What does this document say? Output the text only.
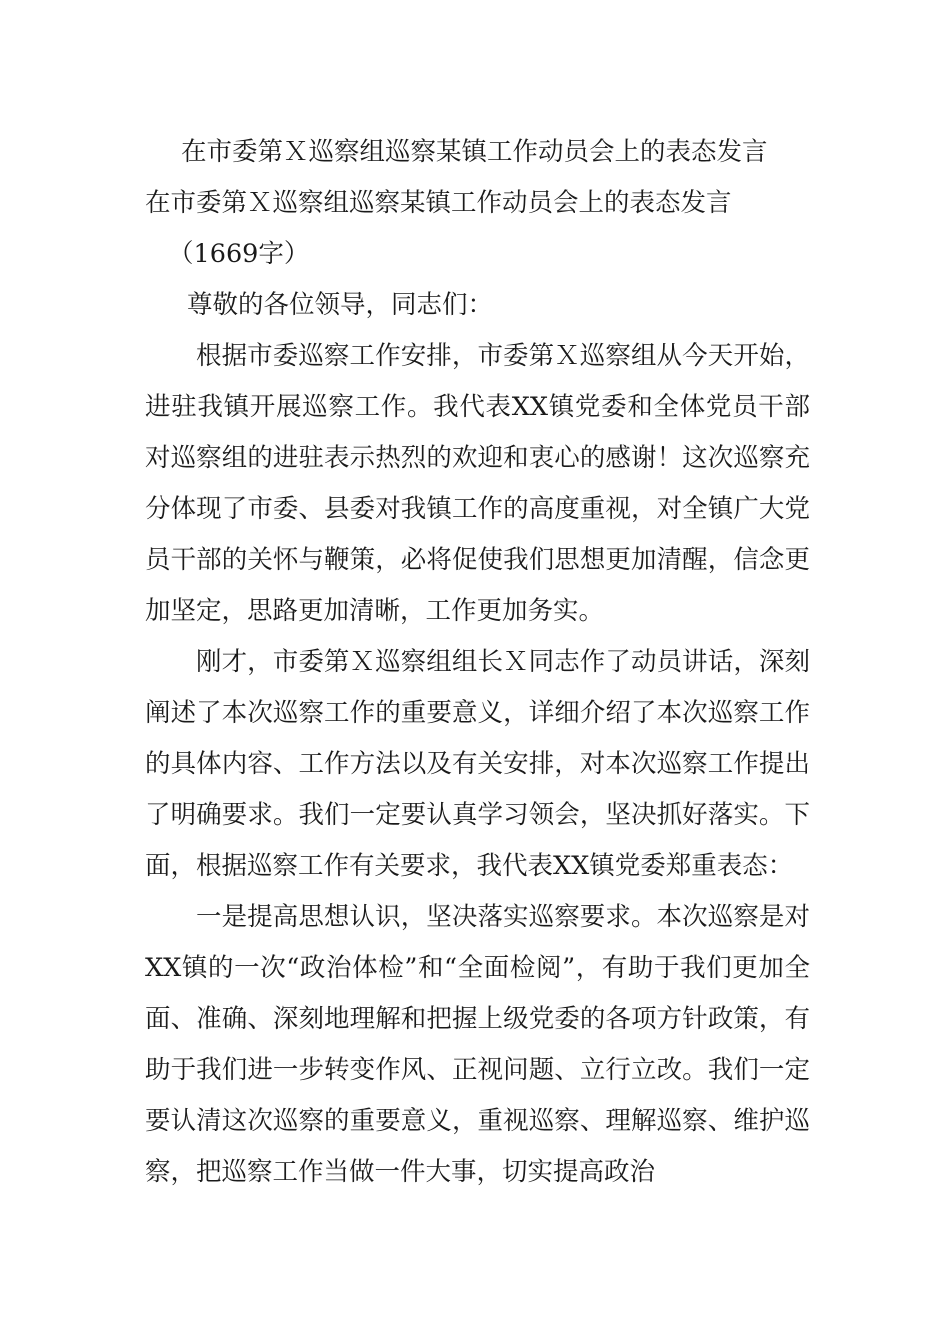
在市委第Ｘ巡察组巡察某镇工作动员会上的表态发言
在市委第Ｘ巡察组巡察某镇工作动员会上的表态发言
（1669字）
尊敬的各位领导，同志们：

根据市委巡察工作安排，市委第Ｘ巡察组从今天开始，进驻我镇开展巡察工作。我代表XX镇党委和全体党员干部对巡察组的进驻表示热烈的欢迎和衷心的感谢！这次巡察充分体现了市委、县委对我镇工作的高度重视，对全镇广大党员干部的关怀与鞭策，必将促使我们思想更加清醒，信念更加坚定，思路更加清晰，工作更加务实。

刚才，市委第Ｘ巡察组组长Ｘ同志作了动员讲话，深刻阐述了本次巡察工作的重要意义，详细介绍了本次巡察工作的具体内容、工作方法以及有关安排，对本次巡察工作提出了明确要求。我们一定要认真学习领会，坚决抓好落实。下面，根据巡察工作有关要求，我代表XX镇党委郑重表态：

一是提高思想认识，坚决落实巡察要求。本次巡察是对XX镇的一次“政治体检”和“全面检阅”，有助于我们更加全面、准确、深刻地理解和把握上级党委的各项方针政策，有助于我们进一步转变作风、正视问题、立行立改。我们一定要认清这次巡察的重要意义，重视巡察、理解巡察、维护巡察，把巡察工作当做一件大事，切实提高政治
